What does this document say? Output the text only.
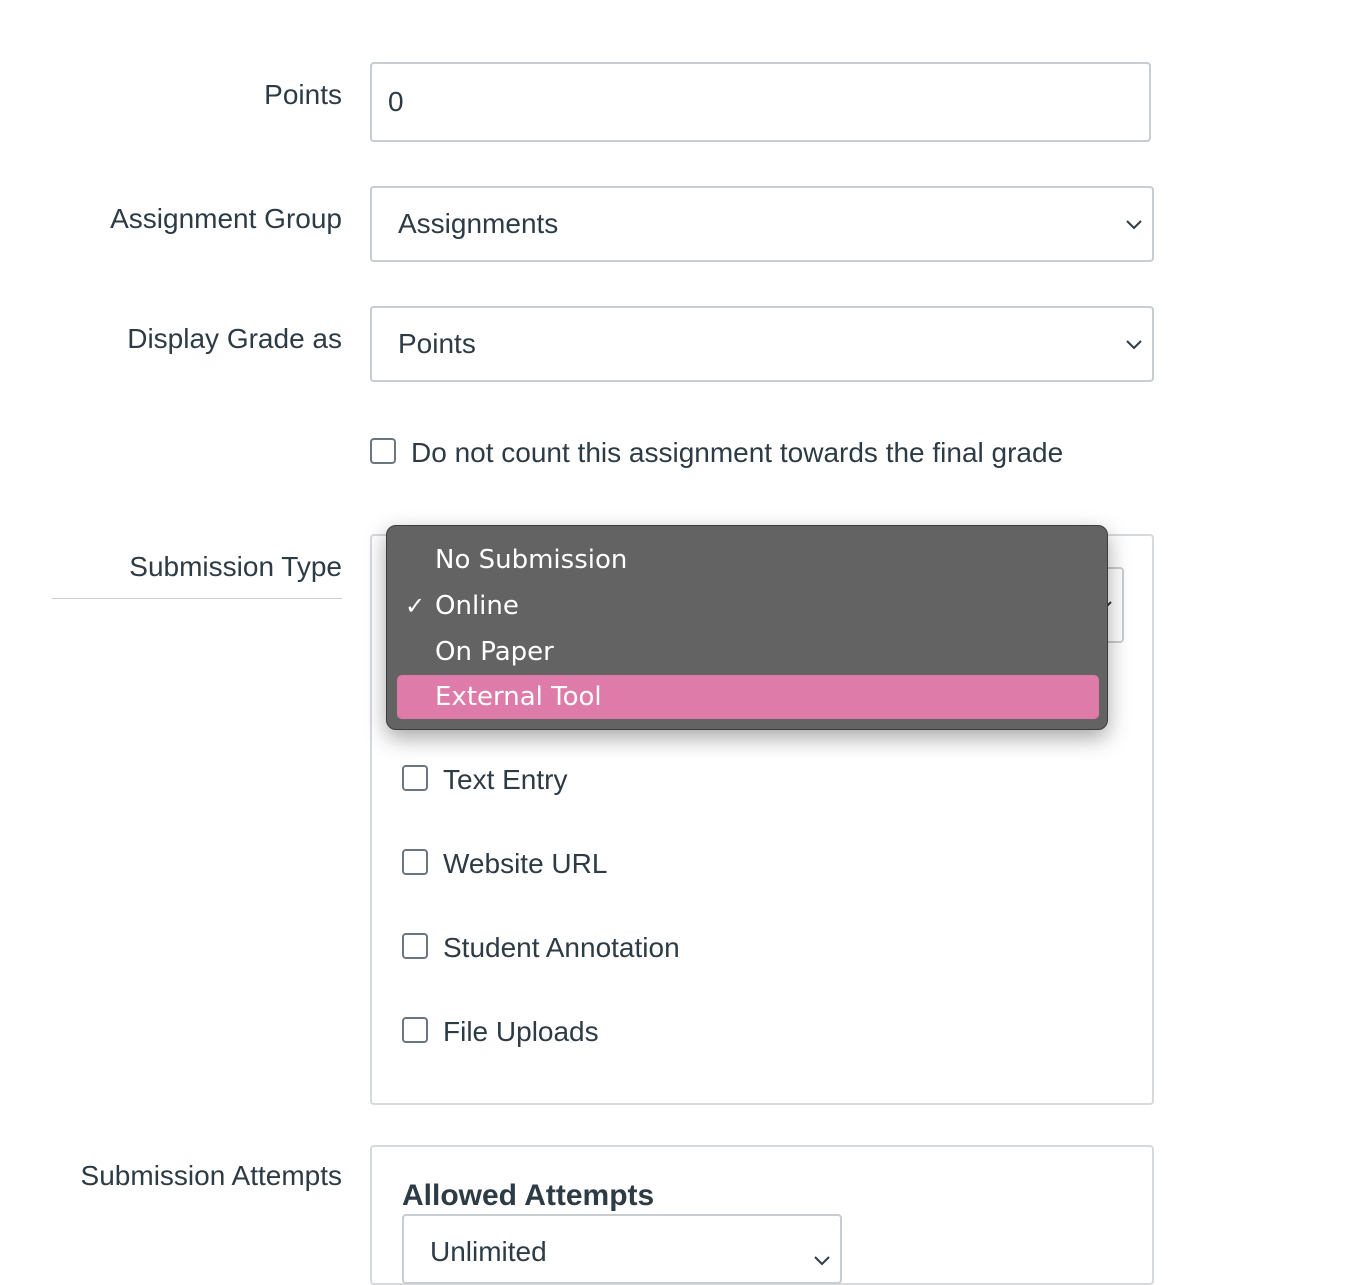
Points
0
Assignment Group Assignments
Display Grade as Points
Do not count this assignment towards the final grade
Submission Type
Text Entry
Website URL
Student Annotation
File Uploads
No Submission
✓ Online
On Paper
External Tool
Submission Attempts
Allowed Attempts
Unlimited
